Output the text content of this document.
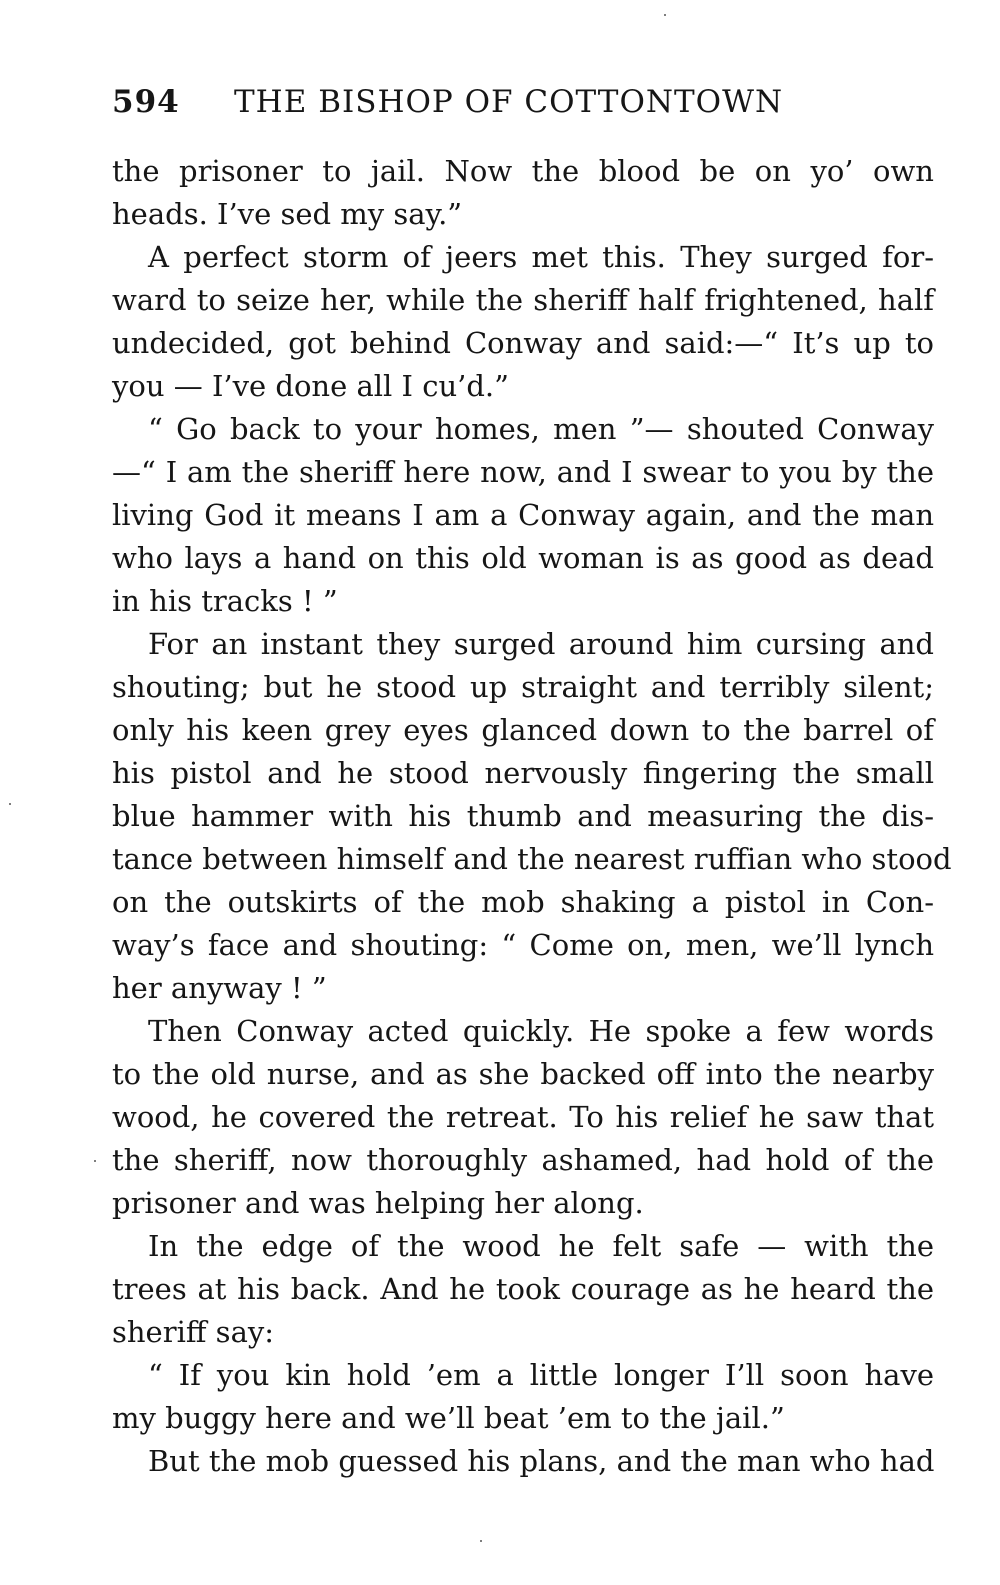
594 THE BISHOP OF COTTONTOWN
the prisoner to jail. Now the blood be on yo’ own
heads. I’ve sed my say.”
A perfect storm of jeers met this. They surged for-
ward to seize her, while the sheriff half frightened, half
undecided, got behind Conway and said:—“ It’s up to
you — I’ve done all I cu’d.”
“ Go back to your homes, men ”— shouted Conway
—“ I am the sheriff here now, and I swear to you by the
living God it means I am a Conway again, and the man
who lays a hand on this old woman is as good as dead
in his tracks ! ”
For an instant they surged around him cursing and
shouting; but he stood up straight and terribly silent;
only his keen grey eyes glanced down to the barrel of
his pistol and he stood nervously fingering the small
blue hammer with his thumb and measuring the dis-
tance between himself and the nearest ruffian who stood
on the outskirts of the mob shaking a pistol in Con-
way’s face and shouting: “ Come on, men, we’ll lynch
her anyway ! ”
Then Conway acted quickly. He spoke a few words
to the old nurse, and as she backed off into the nearby
wood, he covered the retreat. To his relief he saw that
the sheriff, now thoroughly ashamed, had hold of the
prisoner and was helping her along.
In the edge of the wood he felt safe — with the
trees at his back. And he took courage as he heard the
sheriff say:
“ If you kin hold ’em a little longer I’ll soon have
my buggy here and we’ll beat ’em to the jail.”
But the mob guessed his plans, and the man who had
